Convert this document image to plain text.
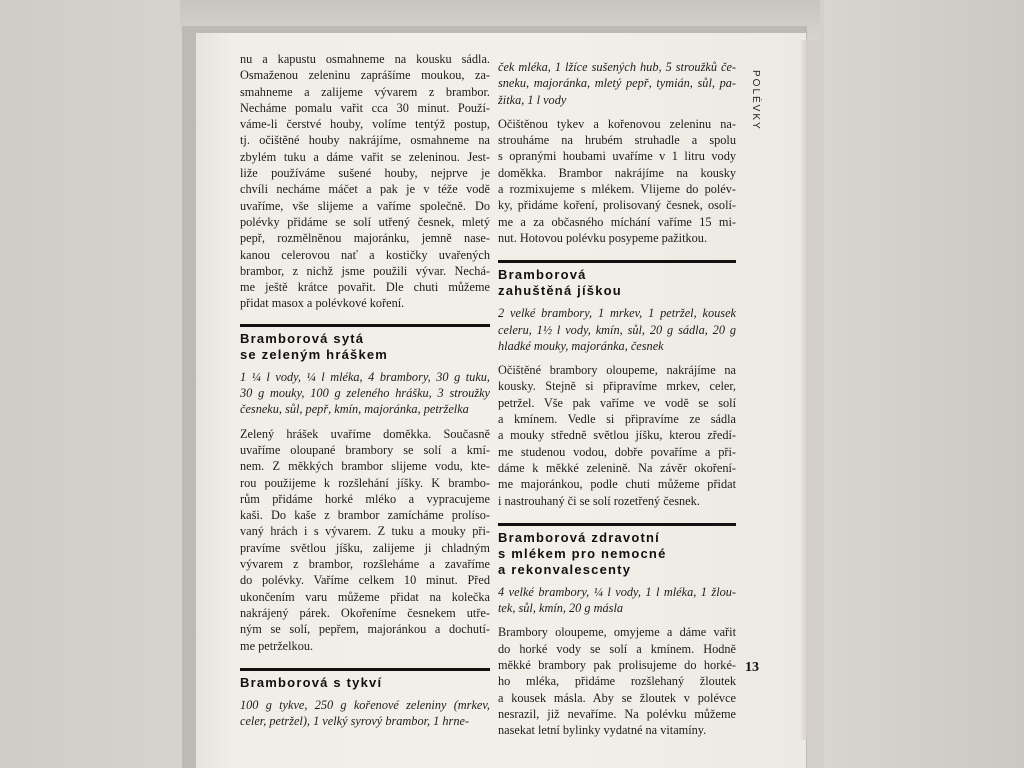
nu a kapustu osmahneme na kousku sádla.
Osmaženou zeleninu zaprášíme moukou, za-
smahneme a zalijeme vývarem z brambor.
Necháme pomalu vařit cca 30 minut. Použí-
váme-li čerstvé houby, volíme tentýž postup,
tj. očištěné houby nakrájíme, osmahneme na
zbylém tuku a dáme vařit se zeleninou. Jest-
liže používáme sušené houby, nejprve je
chvíli necháme máčet a pak je v téže vodě
uvaříme, vše slijeme a vaříme společně. Do
polévky přidáme se solí utřený česnek, mletý
pepř, rozmělněnou majoránku, jemně nase-
kanou celerovou nať a kostičky uvařených
brambor, z nichž jsme použili vývar. Nechá-
me ještě krátce povařit. Dle chuti můžeme
přidat masox a polévkové koření.
Bramborová sytá
se zeleným hráškem
1 ¼ l vody, ¼ l mléka, 4 brambory, 30 g tuku,
30 g mouky, 100 g zeleného hrášku, 3 stroužky
česneku, sůl, pepř, kmín, majoránka, petrželka
Zelený hrášek uvaříme doměkka. Současně
uvaříme oloupané brambory se solí a kmí-
nem. Z měkkých brambor slijeme vodu, kte-
rou použijeme k rozšlehání jíšky. K brambo-
rům přidáme horké mléko a vypracujeme
kaši. Do kaše z brambor zamícháme prolíso-
vaný hrách i s vývarem. Z tuku a mouky při-
pravíme světlou jíšku, zalijeme ji chladným
vývarem z brambor, rozšleháme a zavaříme
do polévky. Vaříme celkem 10 minut. Před
ukončením varu můžeme přidat na kolečka
nakrájený párek. Okořeníme česnekem utře-
ným se solí, pepřem, majoránkou a dochutí-
me petrželkou.
Bramborová s tykví
100 g tykve, 250 g kořenové zeleniny (mrkev,
celer, petržel), 1 velký syrový brambor, 1 hrne-
ček mléka, 1 lžíce sušených hub, 5 stroužků če-
sneku, majoránka, mletý pepř, tymián, sůl, pa-
žitka, 1 l vody
Očištěnou tykev a kořenovou zeleninu na-
strouháme na hrubém struhadle a spolu
s opranými houbami uvaříme v 1 litru vody
doměkka. Brambor nakrájíme na kousky
a rozmixujeme s mlékem. Vlijeme do polév-
ky, přidáme koření, prolisovaný česnek, osolí-
me a za občasného míchání vaříme 15 mi-
nut. Hotovou polévku posypeme pažitkou.
Bramborová
zahuštěná jíškou
2 velké brambory, 1 mrkev, 1 petržel, kousek
celeru, 1½ l vody, kmín, sůl, 20 g sádla, 20 g
hladké mouky, majoránka, česnek
Očištěné brambory oloupeme, nakrájíme na
kousky. Stejně si připravíme mrkev, celer,
petržel. Vše pak vaříme ve vodě se solí
a kmínem. Vedle si připravíme ze sádla
a mouky středně světlou jíšku, kterou zředí-
me studenou vodou, dobře povaříme a při-
dáme k měkké zelenině. Na závěr okoření-
me majoránkou, podle chuti můžeme přidat
i nastrouhaný či se solí rozetřený česnek.
Bramborová zdravotní
s mlékem pro nemocné
a rekonvalescenty
4 velké brambory, ¼ l vody, 1 l mléka, 1 žlou-
tek, sůl, kmín, 20 g másla
Brambory oloupeme, omyjeme a dáme vařit
do horké vody se solí a kmínem. Hodně
měkké brambory pak prolisujeme do horké-
ho mléka, přidáme rozšlehaný žloutek
a kousek másla. Aby se žloutek v polévce
nesrazil, již nevaříme. Na polévku můžeme
nasekat letní bylinky vydatné na vitamíny.
POLÉVKY
13
